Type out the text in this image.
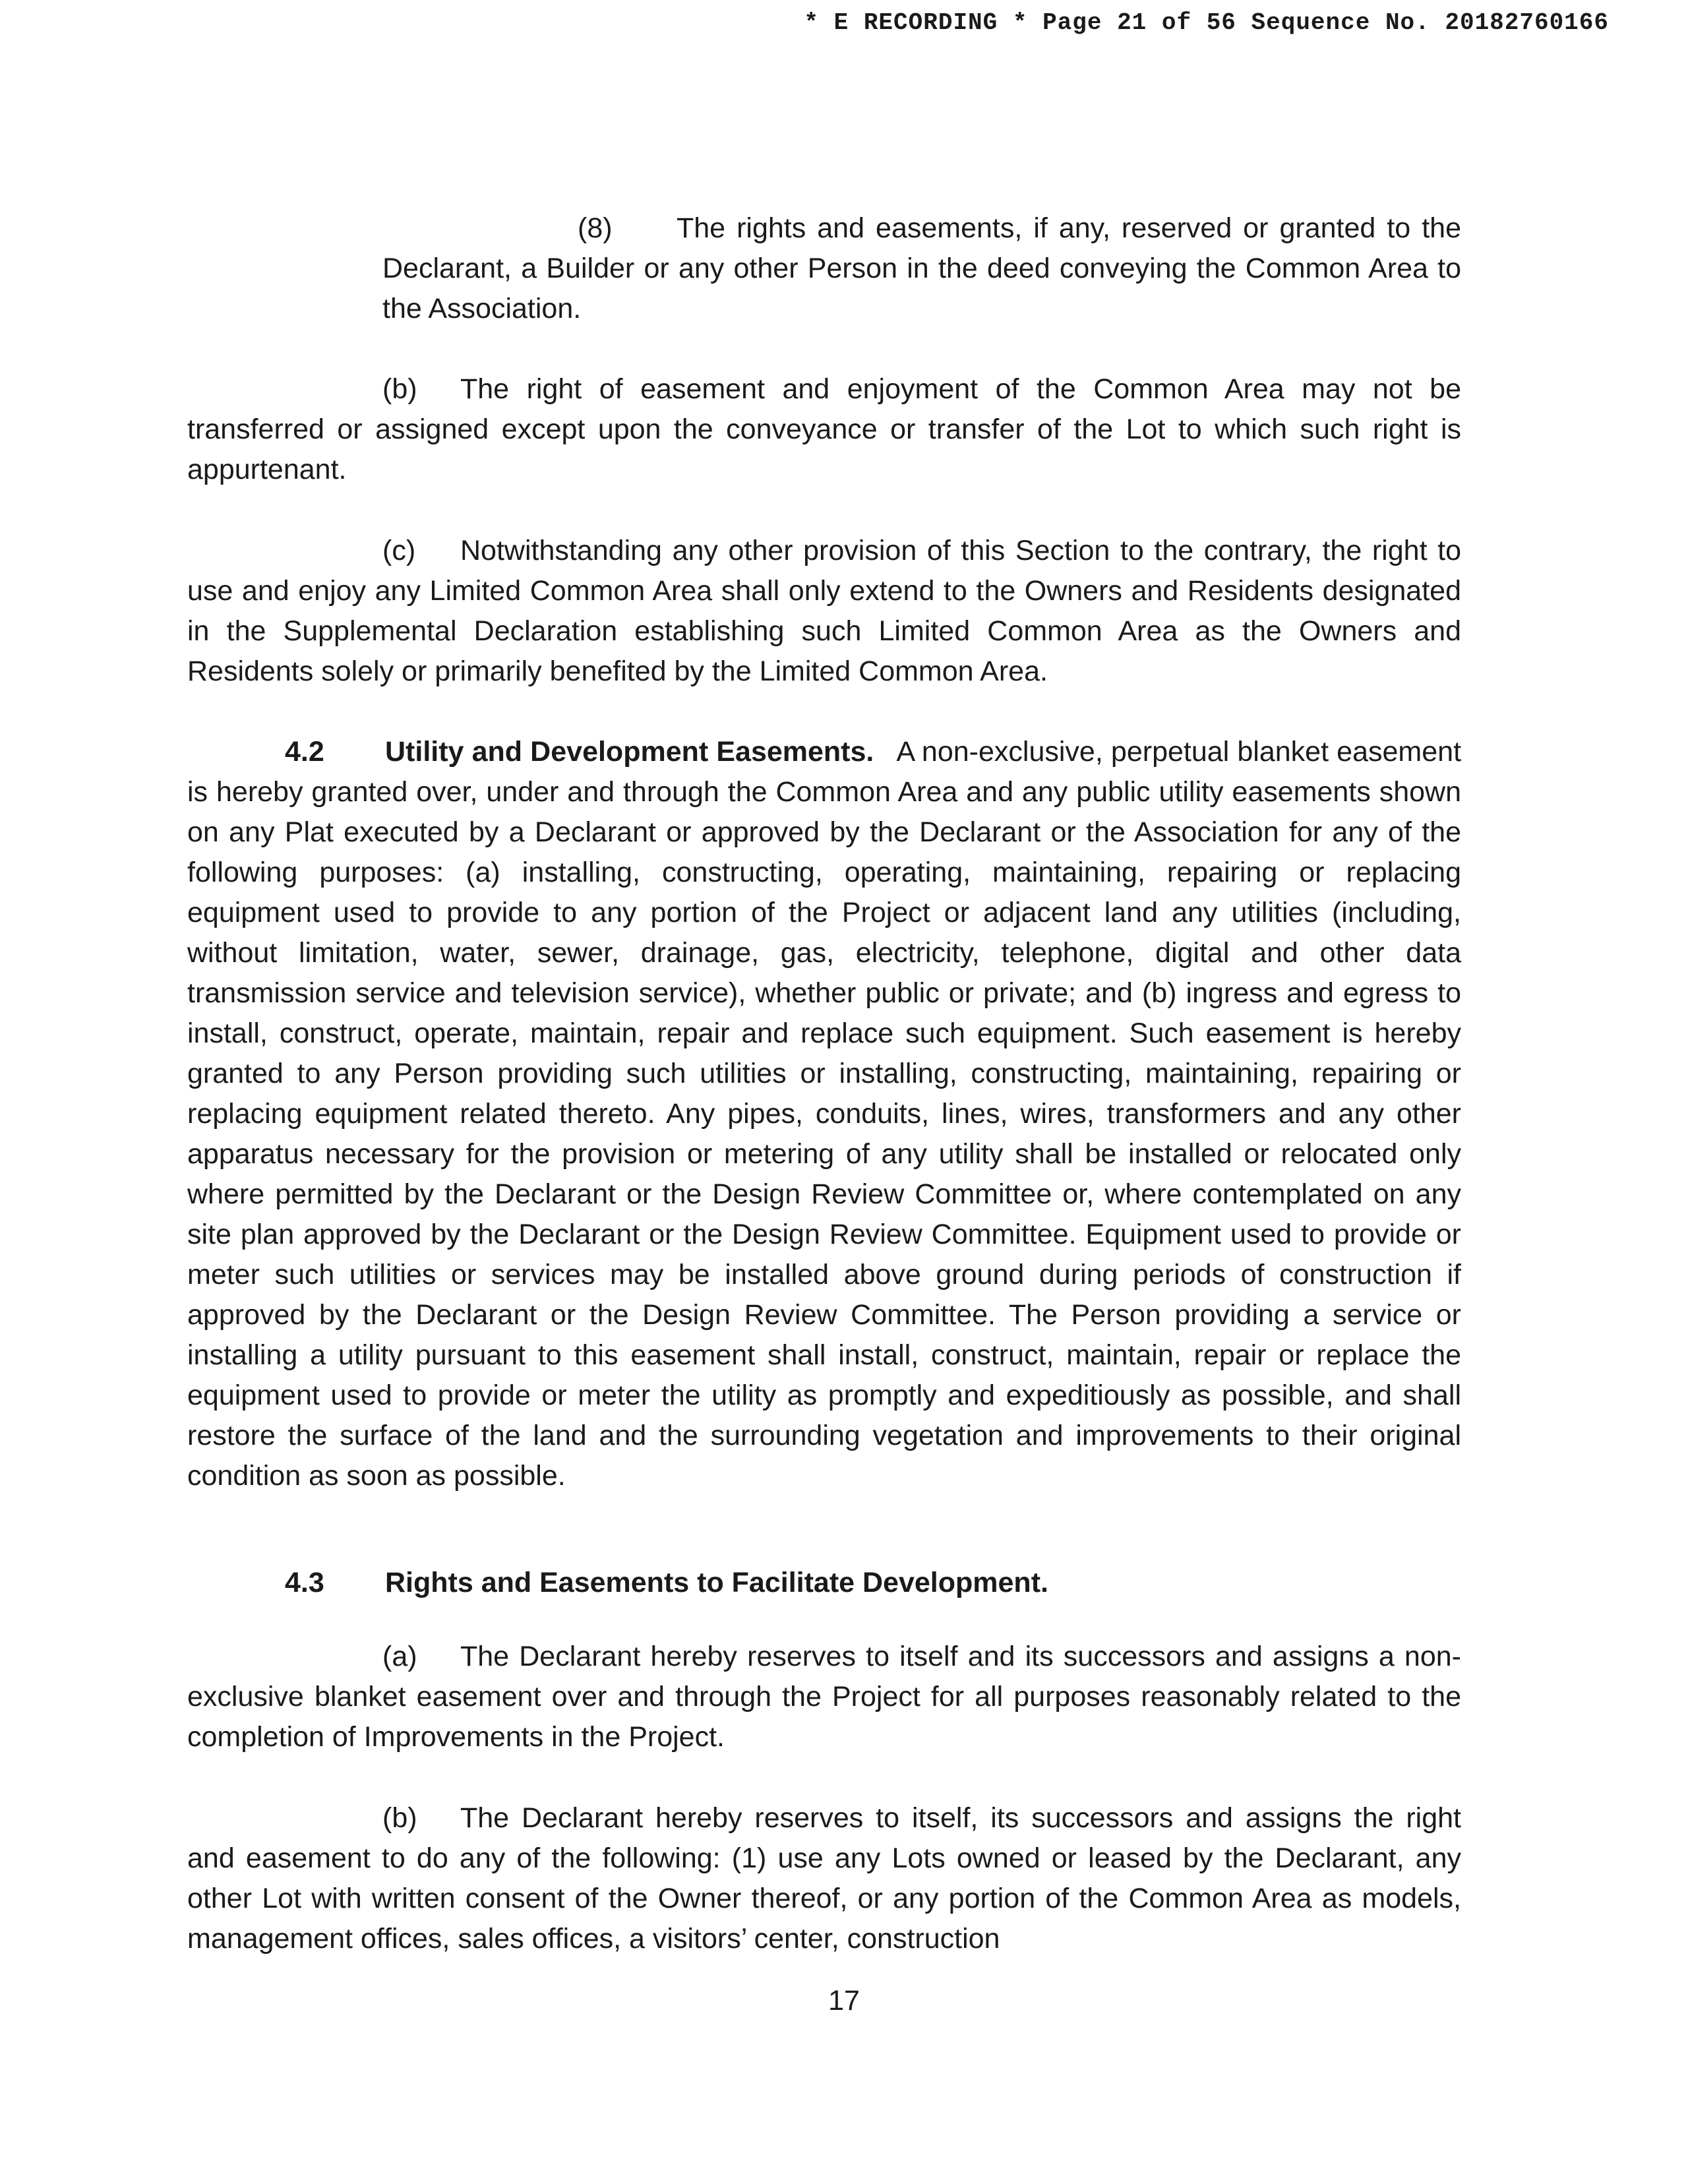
* E RECORDING * Page 21 of 56 Sequence No. 20182760166

(8) The rights and easements, if any, reserved or granted to the Declarant, a Builder or any other Person in the deed conveying the Common Area to the Association.

(b) The right of easement and enjoyment of the Common Area may not be transferred or assigned except upon the conveyance or transfer of the Lot to which such right is appurtenant.

(c) Notwithstanding any other provision of this Section to the contrary, the right to use and enjoy any Limited Common Area shall only extend to the Owners and Residents designated in the Supplemental Declaration establishing such Limited Common Area as the Owners and Residents solely or primarily benefited by the Limited Common Area.

4.2 Utility and Development Easements. A non-exclusive, perpetual blanket easement is hereby granted over, under and through the Common Area and any public utility easements shown on any Plat executed by a Declarant or approved by the Declarant or the Association for any of the following purposes: (a) installing, constructing, operating, maintaining, repairing or replacing equipment used to provide to any portion of the Project or adjacent land any utilities (including, without limitation, water, sewer, drainage, gas, electricity, telephone, digital and other data transmission service and television service), whether public or private; and (b) ingress and egress to install, construct, operate, maintain, repair and replace such equipment. Such easement is hereby granted to any Person providing such utilities or installing, constructing, maintaining, repairing or replacing equipment related thereto. Any pipes, conduits, lines, wires, transformers and any other apparatus necessary for the provision or metering of any utility shall be installed or relocated only where permitted by the Declarant or the Design Review Committee or, where contemplated on any site plan approved by the Declarant or the Design Review Committee. Equipment used to provide or meter such utilities or services may be installed above ground during periods of construction if approved by the Declarant or the Design Review Committee. The Person providing a service or installing a utility pursuant to this easement shall install, construct, maintain, repair or replace the equipment used to provide or meter the utility as promptly and expeditiously as possible, and shall restore the surface of the land and the surrounding vegetation and improvements to their original condition as soon as possible.

4.3 Rights and Easements to Facilitate Development.

(a) The Declarant hereby reserves to itself and its successors and assigns a non-exclusive blanket easement over and through the Project for all purposes reasonably related to the completion of Improvements in the Project.

(b) The Declarant hereby reserves to itself, its successors and assigns the right and easement to do any of the following: (1) use any Lots owned or leased by the Declarant, any other Lot with written consent of the Owner thereof, or any portion of the Common Area as models, management offices, sales offices, a visitors’ center, construction

17
